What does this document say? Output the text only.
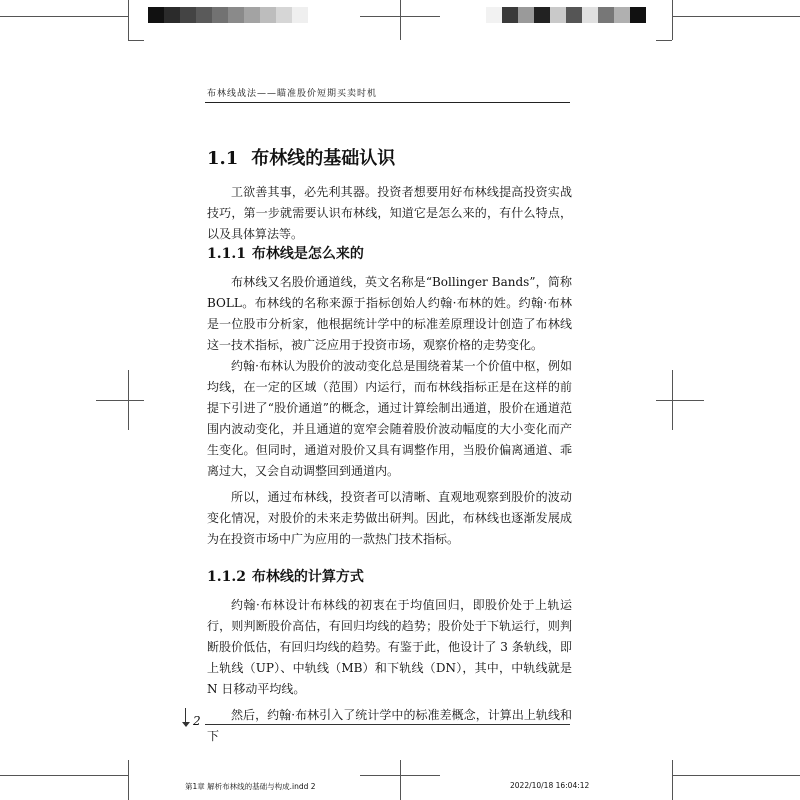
布林线战法——瞄准股价短期买卖时机
1.1 布林线的基础认识

工欲善其事，必先利其器。投资者想要用好布林线提高投资实战技巧，第一步就需要认识布林线，知道它是怎么来的，有什么特点，以及具体算法等。

1.1.1 布林线是怎么来的

布林线又名股价通道线，英文名称是“Bollinger Bands”，简称 BOLL。布林线的名称来源于指标创始人约翰·布林的姓。约翰·布林是一位股市分析家，他根据统计学中的标准差原理设计创造了布林线这一技术指标，被广泛应用于投资市场，观察价格的走势变化。

约翰·布林认为股价的波动变化总是围绕着某一个价值中枢，例如均线，在一定的区域（范围）内运行，而布林线指标正是在这样的前提下引进了“股价通道”的概念，通过计算绘制出通道，股价在通道范围内波动变化，并且通道的宽窄会随着股价波动幅度的大小变化而产生变化。但同时，通道对股价又具有调整作用，当股价偏离通道、乖离过大，又会自动调整回到通道内。

所以，通过布林线，投资者可以清晰、直观地观察到股价的波动变化情况，对股价的未来走势做出研判。因此，布林线也逐渐发展成为在投资市场中广为应用的一款热门技术指标。

1.1.2 布林线的计算方式

约翰·布林设计布林线的初衷在于均值回归，即股价处于上轨运行，则判断股价高估，有回归均线的趋势；股价处于下轨运行，则判断股价低估，有回归均线的趋势。有鉴于此，他设计了 3 条轨线，即上轨线（UP）、中轨线（MB）和下轨线（DN），其中，中轨线就是 N 日移动平均线。

然后，约翰·布林引入了统计学中的标准差概念，计算出上轨线和下

2
第1章 解析布林线的基础与构成.indd 2	2022/10/18 16:04:12
